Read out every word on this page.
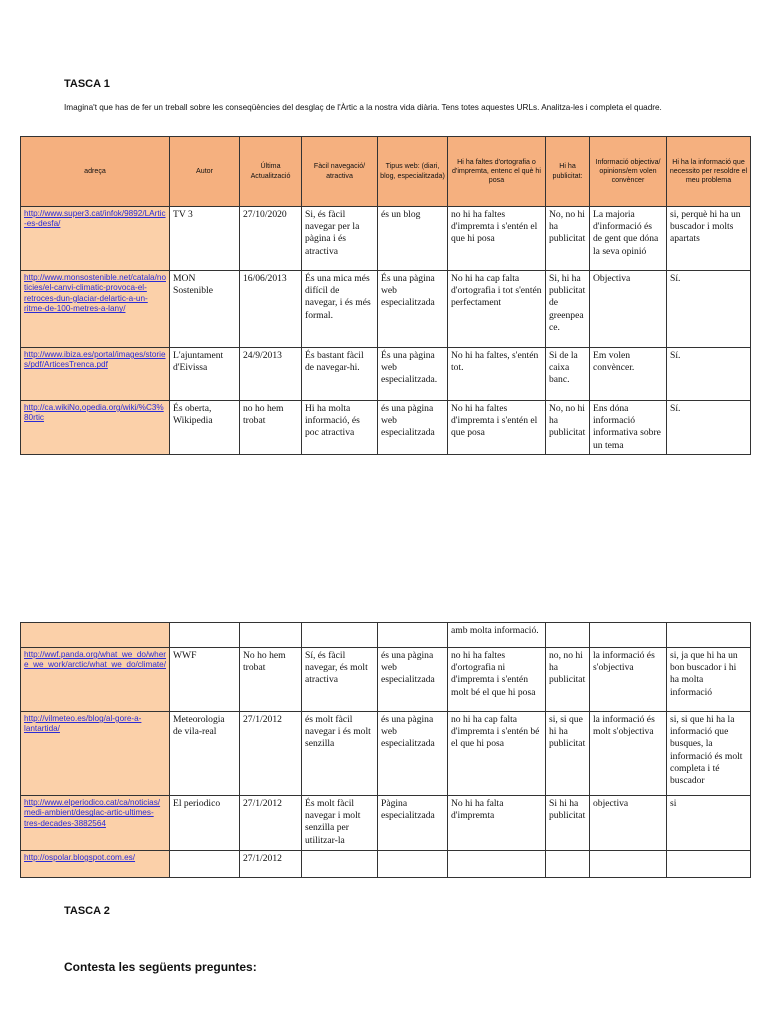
TASCA 1
Imagina't que has de fer un treball sobre les conseqüències del desglaç de l'Àrtic a la nostra vida diària. Tens totes aquestes URLs. Analitza-les i completa el quadre.
adreça	Autor	Última Actualització	Fàcil navegació/ atractiva	Tipus web: (diari, blog, especialitzada)	Hi ha faltes d'ortografia o d'impremta, entenc el què hi posa	Hi ha publicitat:	Informació objectiva/ opinions/em volen convèncer	Hi ha la informació que necessito per resoldre el meu problema
http://www.super3.cat/infok/9892/LArtic-es-desfa/	TV 3	27/10/2020	Si, és fàcil navegar per la pàgina i és atractiva	és un blog	no hi ha faltes d'impremta i s'entén el que hi posa	No, no hi ha publicitat	La majoria d'informació és de gent que dóna la seva opinió	si, perquè hi ha un buscador i molts apartats
http://www.monsostenible.net/catala/noticies/el-canvi-climatic-provoca-el-retroces-dun-glaciar-delartic-a-un-ritme-de-100-metres-a-lany/	MON Sostenible	16/06/2013	És una mica més difícil de navegar, i és més formal.	És una pàgina web especialitzada	No hi ha cap falta d'ortografia i tot s'entén perfectament	Si, hi ha publicitat de greenpeace.	Objectiva	Sí.
http://www.ibiza.es/portal/images/stories/pdf/ArticesTrenca.pdf	L'ajuntament d'Eivissa	24/9/2013	És bastant fàcil de navegar-hi.	És una pàgina web especialitzada.	No hi ha faltes, s'entén tot.	Si de la caixa banc.	Em volen convèncer.	Sí.
http://ca.wikiNo,opedia.org/wiki/%C3%80rtic	És oberta, Wikipedia	no ho hem trobat	Hi ha molta informació, és poc atractiva	és una pàgina web especialitzada	No hi ha faltes d'impremta i s'entén el que posa	No, no hi ha publicitat	Ens dóna informació informativa sobre un tema	Sí.
					amb molta informació.			
http://wwf.panda.org/what_we_do/where_we_work/arctic/what_we_do/climate/	WWF	No ho hem trobat	Sí, és fàcil navegar, és molt atractiva	és una pàgina web especialitzada	no hi ha faltes d'ortografia ni d'impremta i s'entén molt bé el que hi posa	no, no hi ha publicitat	la informació és s'objectiva	si, ja que hi ha un bon buscador i hi ha molta informació
http://vilmeteo.es/blog/al-gore-a-lantartida/	Meteorologia de vila-real	27/1/2012	és molt fàcil navegar i és molt senzilla	és una pàgina web especialitzada	no hi ha cap falta d'impremta i s'entén bé el que hi posa	si, si que hi ha publicitat	la informació és molt s'objectiva	si, si que hi ha la informació que busques, la informació és molt completa i té buscador
http://www.elperiodico.cat/ca/noticias/medi-ambient/desglac-artic-ultimes-tres-decades-3882564	El periodico	27/1/2012	És molt fàcil navegar i molt senzilla per utilitzar-la	Pàgina especialitzada	No hi ha falta d'impremta	Si hi ha publicitat	objectiva	si
http://ospolar.blogspot.com.es/		27/1/2012						
TASCA 2
Contesta les següents preguntes:
